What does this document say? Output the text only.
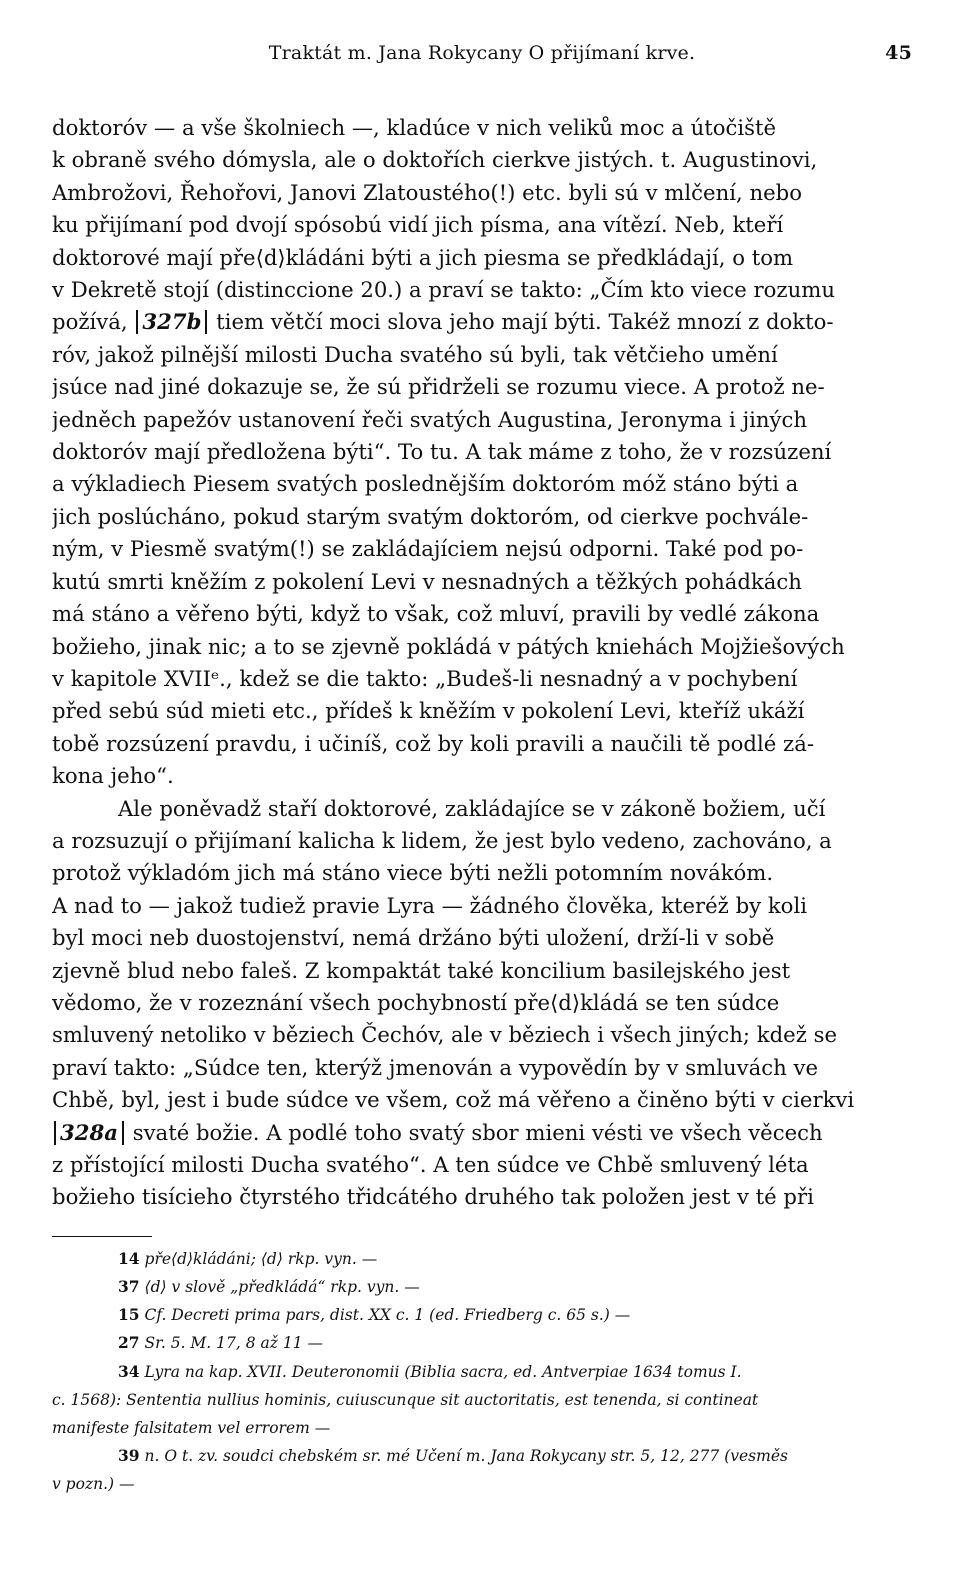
Traktát m. Jana Rokycany O přijímaní krve.	45
doktoróv — a vše školniech —, kladúce v nich veliků moc a útočiště
k obraně svého dómysla, ale o doktořích cierkve jistých. t. Augustinovi,
Ambrožovi, Řehořovi, Janovi Zlatoustého(!) etc. byli sú v mlčení, nebo
ku přijímaní pod dvojí spósobú vidí jich písma, ana vítězí. Neb, kteří
doktorové mají pře⟨d⟩kládáni býti a jich piesma se předkládají, o tom
v Dekretě stojí (distinccione 20.) a praví se takto: „Čím kto viece rozumu
požívá, 327b tiem větčí moci slova jeho mají býti. Takéž mnozí z dokto-
róv, jakož pilnější milosti Ducha svatého sú byli, tak větčieho umění
jsúce nad jiné dokazuje se, že sú přidrželi se rozumu viece. A protož ne-
jedněch papežóv ustanovení řeči svatých Augustina, Jeronyma i jiných
doktoróv mají předložena býti“. To tu. A tak máme z toho, že v rozsúzení
a výkladiech Piesem svatých poslednějším doktoróm móž stáno býti a
jich poslúcháno, pokud starým svatým doktoróm, od cierkve pochvále-
ným, v Piesmě svatým(!) se zakládajíciem nejsú odporni. Také pod po-
kutú smrti kněžím z pokolení Levi v nesnadných a těžkých pohádkách
má stáno a věřeno býti, když to však, což mluví, pravili by vedlé zákona
božieho, jinak nic; a to se zjevně pokládá v pátých kniehách Mojžiešových
v kapitole XVIIᵉ., kdež se die takto: „Budeš-li nesnadný a v pochybení
před sebú súd mieti etc., přídeš k kněžím v pokolení Levi, kteříž ukáží
tobě rozsúzení pravdu, i učiníš, což by koli pravili a naučili tě podlé zá-
kona jeho“.
Ale poněvadž staří doktorové, zakládajíce se v zákoně božiem, učí
a rozsuzují o přijímaní kalicha k lidem, že jest bylo vedeno, zachováno, a
protož výkladóm jich má stáno viece býti nežli potomním novákóm.
A nad to — jakož tudiež pravie Lyra — žádného člověka, kteréž by koli
byl moci neb duostojenství, nemá držáno býti uložení, drží-li v sobě
zjevně blud nebo faleš. Z kompaktát také koncilium basilejského jest
vědomo, že v rozeznání všech pochybností pře⟨d⟩kládá se ten súdce
smluvený netoliko v běziech Čechóv, ale v běziech i všech jiných; kdež se
praví takto: „Súdce ten, kterýž jmenován a vypovědín by v smluvách ve
Chbě, byl, jest i bude súdce ve všem, což má věřeno a činěno býti v cierkvi
328a svaté božie. A podlé toho svatý sbor mieni vésti ve všech věcech
z přístojící milosti Ducha svatého“. A ten súdce ve Chbě smluvený léta
božieho tisícieho čtyrstého třidcátého druhého tak položen jest v té při
14 pře⟨d⟩kládáni; ⟨d⟩ rkp. vyn. —
37 ⟨d⟩ v slově „předkládá“ rkp. vyn. —
15 Cf. Decreti prima pars, dist. XX c. 1 (ed. Friedberg c. 65 s.) —
27 Sr. 5. M. 17, 8 až 11 —
34 Lyra na kap. XVII. Deuteronomii (Biblia sacra, ed. Antverpiae 1634 tomus I.
c. 1568): Sententia nullius hominis, cuiuscunque sit auctoritatis, est tenenda, si contineat
manifeste falsitatem vel errorem —
39 n. O t. zv. soudci chebském sr. mé Učení m. Jana Rokycany str. 5, 12, 277 (vesměs
v pozn.) —
